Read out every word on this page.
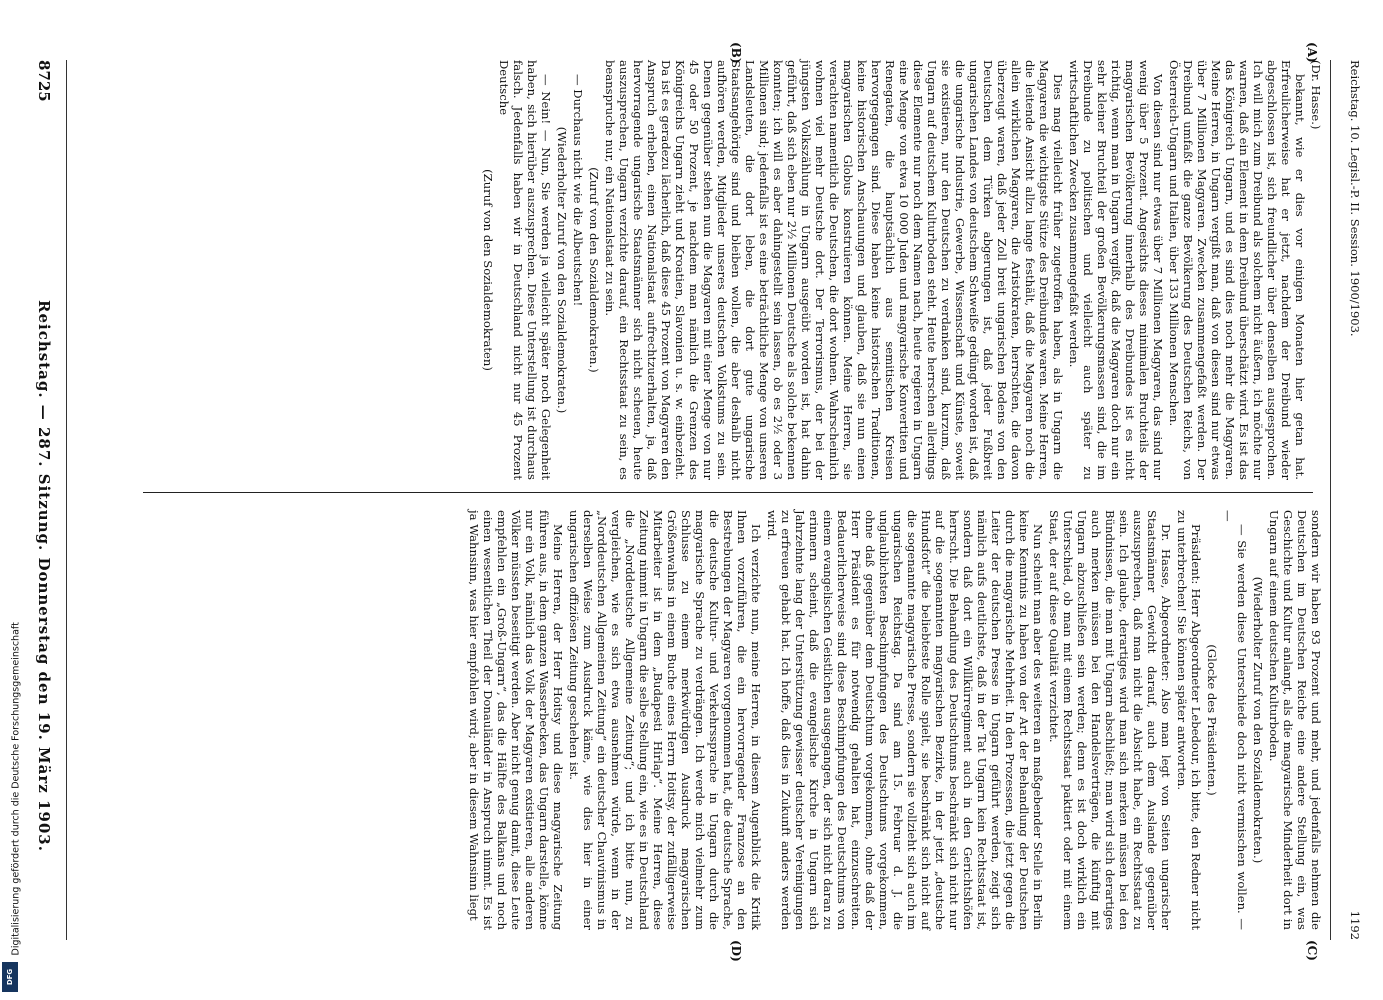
Reichstag. 10. Legisl.-P. II. Session. 1900/1903.
1192

(Dr. Hasse.)

bekannt, wie er dies vor einigen Monaten hier getan hat. Erfreulicherweise hat er jetzt, nachdem der Dreibund wieder abgeschlossen ist, sich freundlicher über denselben ausgesprochen. Ich will mich zum Dreibund als solchem nicht äußern, ich möchte nur warnen, daß ein Element in dem Dreibund überschätzt wird. Es ist das das Königreich Ungarn, und es sind dies noch mehr die Magyaren. Meine Herren, in Ungarn vergißt man, daß von diesen sind nur etwas über 7 Millionen Magyaren. Zwecken zusammengefaßt werden. Der Dreibund umfaßt die ganze Bevölkerung des Deutschen Reichs, von Österreich-Ungarn und Italien, über 133 Millionen Menschen.

Von diesen sind nur etwas über 7 Millionen Magyaren, das sind nur wenig über 5 Prozent. Angesichts dieses minimalen Bruchteils der magyarischen Bevölkerung innerhalb des Dreibundes ist es nicht richtig, wenn man in Ungarn vergißt, daß die Magyaren doch nur ein sehr kleiner Bruchteil der großen Bevölkerungsmassen sind, die im Dreibunde zu politischen und vielleicht auch später zu wirtschaftlichen Zwecken zusammengefaßt werden.

Dies mag vielleicht früher zugetroffen haben, als in Ungarn die Magyaren die wichtigste Stütze des Dreibundes waren. Meine Herren, die leitende Ansicht allzu lange festhält, daß die Magyaren noch die allein wirklichen Magyaren, die Aristokraten, herrschten, die davon überzeugt waren, daß jeder Zoll breit ungarischen Bodens von den Deutschen dem Türken abgerungen ist, daß jeder Fußbreit ungarischen Landes von deutschem Schweiße gedüngt worden ist, daß die ungarische Industrie, Gewerbe, Wissenschaft und Künste, soweit sie existieren, nur den Deutschen zu verdanken sind, kurzum, daß Ungarn auf deutschem Kulturboden steht. Heute herrschen allerdings diese Elemente nur noch dem Namen nach, heute regieren in Ungarn eine Menge von etwa 10 000 Juden und magyarische Konvertiten und Renegaten, die hauptsächlich aus semitischen Kreisen hervorgegangen sind. Diese haben keine historischen Traditionen, keine historischen Anschauungen und glauben, daß sie nun einen magyarischen Globus konstruieren können. Meine Herren, sie verachten namentlich die Deutschen, die dort wohnen. Wahrscheinlich wohnen viel mehr Deutsche dort. Der Terrorismus, der bei der jüngsten Volkszählung in Ungarn ausgeübt worden ist, hat dahin geführt, daß sich eben nur 2½ Millionen Deutsche als solche bekennen konnten; ich will es aber dahingestellt sein lassen, ob es 2½ oder 3 Millionen sind; jedenfalls ist es eine beträchtliche Menge von unseren Landsleuten, die dort leben, die dort gute ungarische Staatsangehörige sind und bleiben wollen, die aber deshalb nicht aufhören werden, Mitglieder unseres deutschen Volkstums zu sein. Denen gegenüber stehen nun die Magyaren mit einer Menge von nur 45 oder 50 Prozent, je nachdem man nämlich die Grenzen des Königreichs Ungarn zieht und Kroatien, Slavonien u. s. w. einbezieht. Da ist es geradezu lächerlich, daß diese 45 Prozent von Magyaren den Anspruch erheben, einen Nationalstaat aufrechtzuerhalten, ja, daß hervorragende ungarische Staatsmänner sich nicht scheuen, heute auszusprechen, Ungarn verzichte darauf, ein Rechtsstaat zu sein, es beanspruche nur, ein Nationalstaat zu sein.

(Zuruf von den Sozialdemokraten.)

— Durchaus nicht wie die Albeutschen!

(Wiederholter Zuruf von den Sozialdemokraten.)

— Nein! — Nun, Sie werden ja vielleicht später noch Gelegenheit haben, sich hierüber auszusprechen. Diese Unterstellung ist durchaus falsch. Jedenfalls haben wir in Deutschland nicht nur 45 Prozent Deutsche

(Zuruf von den Sozialdemokraten)

sondern wir haben 93 Prozent und mehr, und jedenfalls nehmen die Deutschen im Deutschen Reiche eine andere Stellung ein, was Geschichte und Kultur anlangt, als die magyarische Minderheit dort in Ungarn auf einem deutschen Kulturboden.

(Wiederholter Zuruf von den Sozialdemokraten.)

— Sie werden diese Unterschiede doch nicht vermischen wollen. — —

(Glocke des Präsidenten.)

Präsident: Herr Abgeordneter Lebedour, ich bitte, den Redner nicht zu unterbrechen! Sie können später antworten.

Dr. Hasse, Abgeordneter: Also man legt von Seiten ungarischer Staatsmänner Gewicht darauf, auch dem Auslande gegenüber auszusprechen, daß man nicht die Absicht habe, ein Rechtsstaat zu sein. Ich glaube, derartiges wird man sich merken müssen bei den Bündnissen, die man mit Ungarn abschließt; man wird sich derartiges auch merken müssen bei den Handelsverträgen, die künftig mit Ungarn abzuschließen sein werden; denn es ist doch wirklich ein Unterschied, ob man mit einem Rechtsstaat paktiert oder mit einem Staat, der auf diese Qualität verzichtet.

Nun scheint man aber des weiteren an maßgebender Stelle in Berlin keine Kenntnis zu haben von der Art der Behandlung der Deutschen durch die magyarische Mehrheit. In den Prozessen, die jetzt gegen die Leiter der deutschen Presse in Ungarn geführt werden, zeigt sich nämlich aufs deutlichste, daß in der Tat Ungarn kein Rechtsstaat ist, sondern daß dort ein Willkürregiment auch in den Gerichtshöfen herrscht. Die Behandlung des Deutschtums beschränkt sich nicht nur auf die sogenannten magyarischen Bezirke, in der jetzt „deutsche Hundsfott“ die beliebteste Rolle spielt, sie beschränkt sich nicht auf die sogenannte magyarische Presse, sondern sie vollzieht sich auch im ungarischen Reichstag. Da sind am 15. Februar d. J. die unglaublichsten Beschimpfungen des Deutschtums vorgekommen, ohne daß gegenüber dem Deutschtum vorgekommen, ohne daß der Herr Präsident es für notwendig gehalten hat, einzuschreiten. Bedauerlicherweise sind diese Beschimpfungen des Deutschtums von einem evangelischen Geistlichen ausgegangen, der sich nicht daran zu erinnern scheint, daß die evangelische Kirche in Ungarn sich Jahrzehnte lang der Unterstützung gewisser deutscher Vereinigungen zu erfreuen gehabt hat. Ich hoffe, daß dies in Zukunft anders werden wird.

Ich verzichte nun, meine Herren, in diesem Augenblick die Kritik Ihnen vorzuführen, die ein hervorragender Franzose an den Bestrebungen der Magyaren vorgenommen hat, die deutsche Sprache, die deutsche Kultur- und Verkehrssprache in Ungarn durch die magyarische Sprache zu verdrängen. Ich werde mich vielmehr zum Schlusse zu einem merkwürdigen Ausdruck magyarischen Größenwahns in einem Buche eines Herrn Hoitsy, der zufälligerweise Mitarbeiter ist in dem „Budapesti Hirlap“. Meine Herren, diese Zeitung nimmt in Ungarn die selbe Stellung ein, wie es in Deutschland die „Norddeutsche Allgemeine Zeitung“; und ich bitte nun, zu vergleichen, wie es sich etwa ausnehmen würde, wenn in der „Norddeutschen Allgemeinen Zeitung“ ein deutscher Chauvinismus in derselben Weise zum Ausdruck käme, wie dies hier in einer ungarischen offiziösen Zeitung geschehen ist.

Meine Herren, der Herr Hoitsy und diese magyarische Zeitung führen aus, in dem ganzen Wasserbecken, das Ungarn darstelle, könne nur ein Volk, nämlich das Volk der Magyaren existieren, alle anderen Völker müssten beseitigt werden. Aber nicht genug damit, diese Leute empfehlen ein „Groß-Ungarn“, das die Hälfte des Balkans und noch einen wesentlichen Theil der Donauländer in Anspruch nimmt. Es ist ja Wahnsinn, was hier empfohlen wird; aber in diesem Wahnsinn liegt

(A)
(B)
(C)
(D)
8725
Reichstag. — 287. Sitzung. Donnerstag den 19. März 1903.
Digitalisierung gefördert durch die Deutsche Forschungsgemeinschaft
DFG
